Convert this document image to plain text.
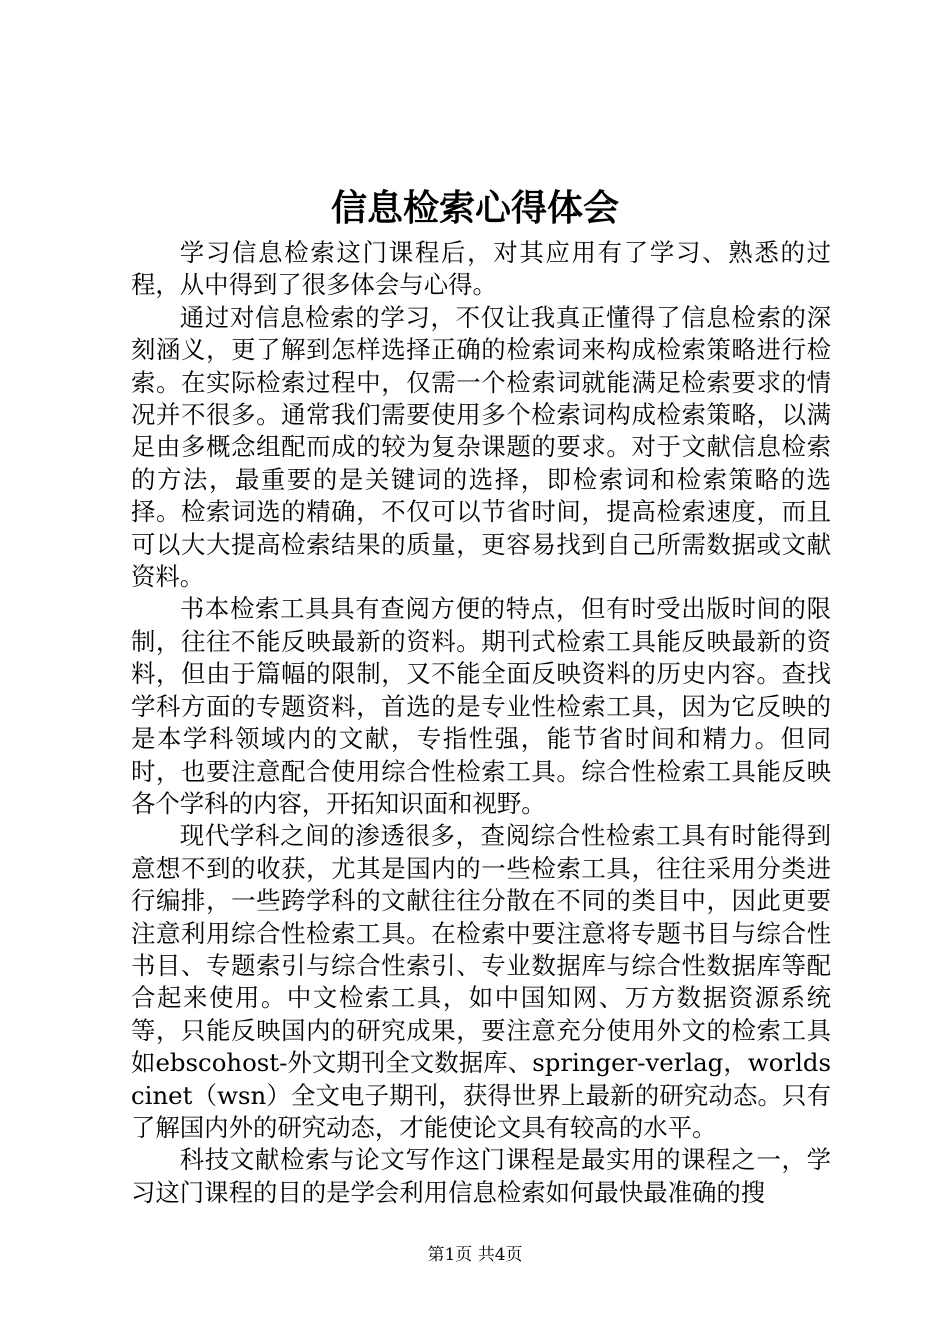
信息检索心得体会

学习信息检索这门课程后，对其应用有了学习、熟悉的过程，从中得到了很多体会与心得。

通过对信息检索的学习，不仅让我真正懂得了信息检索的深刻涵义，更了解到怎样选择正确的检索词来构成检索策略进行检索。在实际检索过程中，仅需一个检索词就能满足检索要求的情况并不很多。通常我们需要使用多个检索词构成检索策略，以满足由多概念组配而成的较为复杂课题的要求。对于文献信息检索的方法，最重要的是关键词的选择，即检索词和检索策略的选择。检索词选的精确，不仅可以节省时间，提高检索速度，而且可以大大提高检索结果的质量，更容易找到自己所需数据或文献资料。

书本检索工具具有查阅方便的特点，但有时受出版时间的限制，往往不能反映最新的资料。期刊式检索工具能反映最新的资料，但由于篇幅的限制，又不能全面反映资料的历史内容。查找学科方面的专题资料，首选的是专业性检索工具，因为它反映的是本学科领域内的文献，专指性强，能节省时间和精力。但同时，也要注意配合使用综合性检索工具。综合性检索工具能反映各个学科的内容，开拓知识面和视野。

现代学科之间的渗透很多，查阅综合性检索工具有时能得到意想不到的收获，尤其是国内的一些检索工具，往往采用分类进行编排，一些跨学科的文献往往分散在不同的类目中，因此更要注意利用综合性检索工具。在检索中要注意将专题书目与综合性书目、专题索引与综合性索引、专业数据库与综合性数据库等配合起来使用。中文检索工具，如中国知网、万方数据资源系统等，只能反映国内的研究成果，要注意充分使用外文的检索工具如ebscohost-外文期刊全文数据库、springer-verlag，worldscinet（wsn）全文电子期刊，获得世界上最新的研究动态。只有了解国内外的研究动态，才能使论文具有较高的水平。

科技文献检索与论文写作这门课程是最实用的课程之一，学习这门课程的目的是学会利用信息检索如何最快最准确的搜

第1页 共4页
